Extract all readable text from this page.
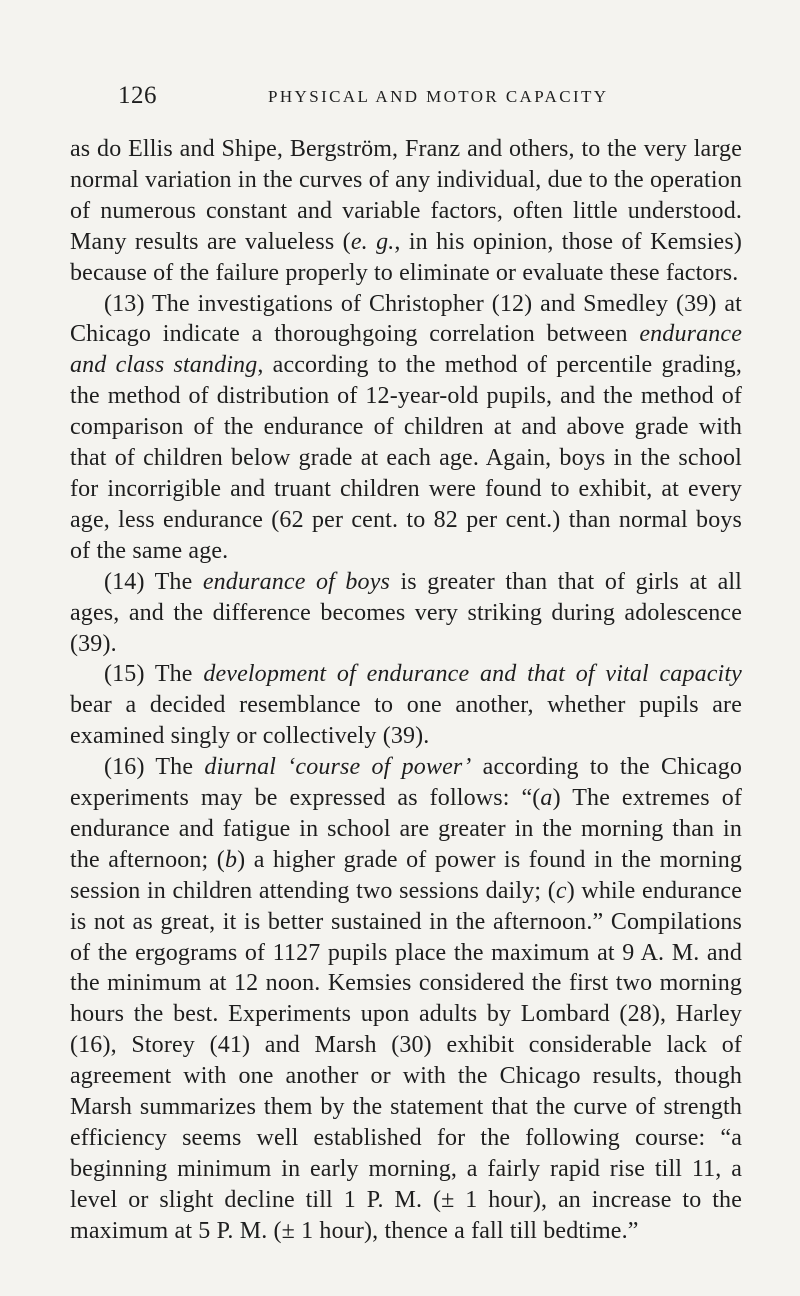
126	PHYSICAL AND MOTOR CAPACITY

as do Ellis and Shipe, Bergström, Franz and others, to the very large normal variation in the curves of any individual, due to the operation of numerous constant and variable factors, often little understood. Many results are valueless (e. g., in his opinion, those of Kemsies) because of the failure properly to eliminate or evaluate these factors.

(13) The investigations of Christopher (12) and Smedley (39) at Chicago indicate a thoroughgoing correlation between endurance and class standing, according to the method of percentile grading, the method of distribution of 12-year-old pupils, and the method of comparison of the endurance of children at and above grade with that of children below grade at each age. Again, boys in the school for incorrigible and truant children were found to exhibit, at every age, less endurance (62 per cent. to 82 per cent.) than normal boys of the same age.

(14) The endurance of boys is greater than that of girls at all ages, and the difference becomes very striking during adolescence (39).

(15) The development of endurance and that of vital capacity bear a decided resemblance to one another, whether pupils are examined singly or collectively (39).

(16) The diurnal ‘course of power’ according to the Chicago experiments may be expressed as follows: “(a) The extremes of endurance and fatigue in school are greater in the morning than in the afternoon; (b) a higher grade of power is found in the morning session in children attending two sessions daily; (c) while endurance is not as great, it is better sustained in the afternoon.” Compilations of the ergograms of 1127 pupils place the maximum at 9 A. M. and the minimum at 12 noon. Kemsies considered the first two morning hours the best. Experiments upon adults by Lombard (28), Harley (16), Storey (41) and Marsh (30) exhibit considerable lack of agreement with one another or with the Chicago results, though Marsh summarizes them by the statement that the curve of strength efficiency seems well established for the following course: “a beginning minimum in early morning, a fairly rapid rise till 11, a level or slight decline till 1 P. M. (± 1 hour), an increase to the maximum at 5 P. M. (± 1 hour), thence a fall till bedtime.”
